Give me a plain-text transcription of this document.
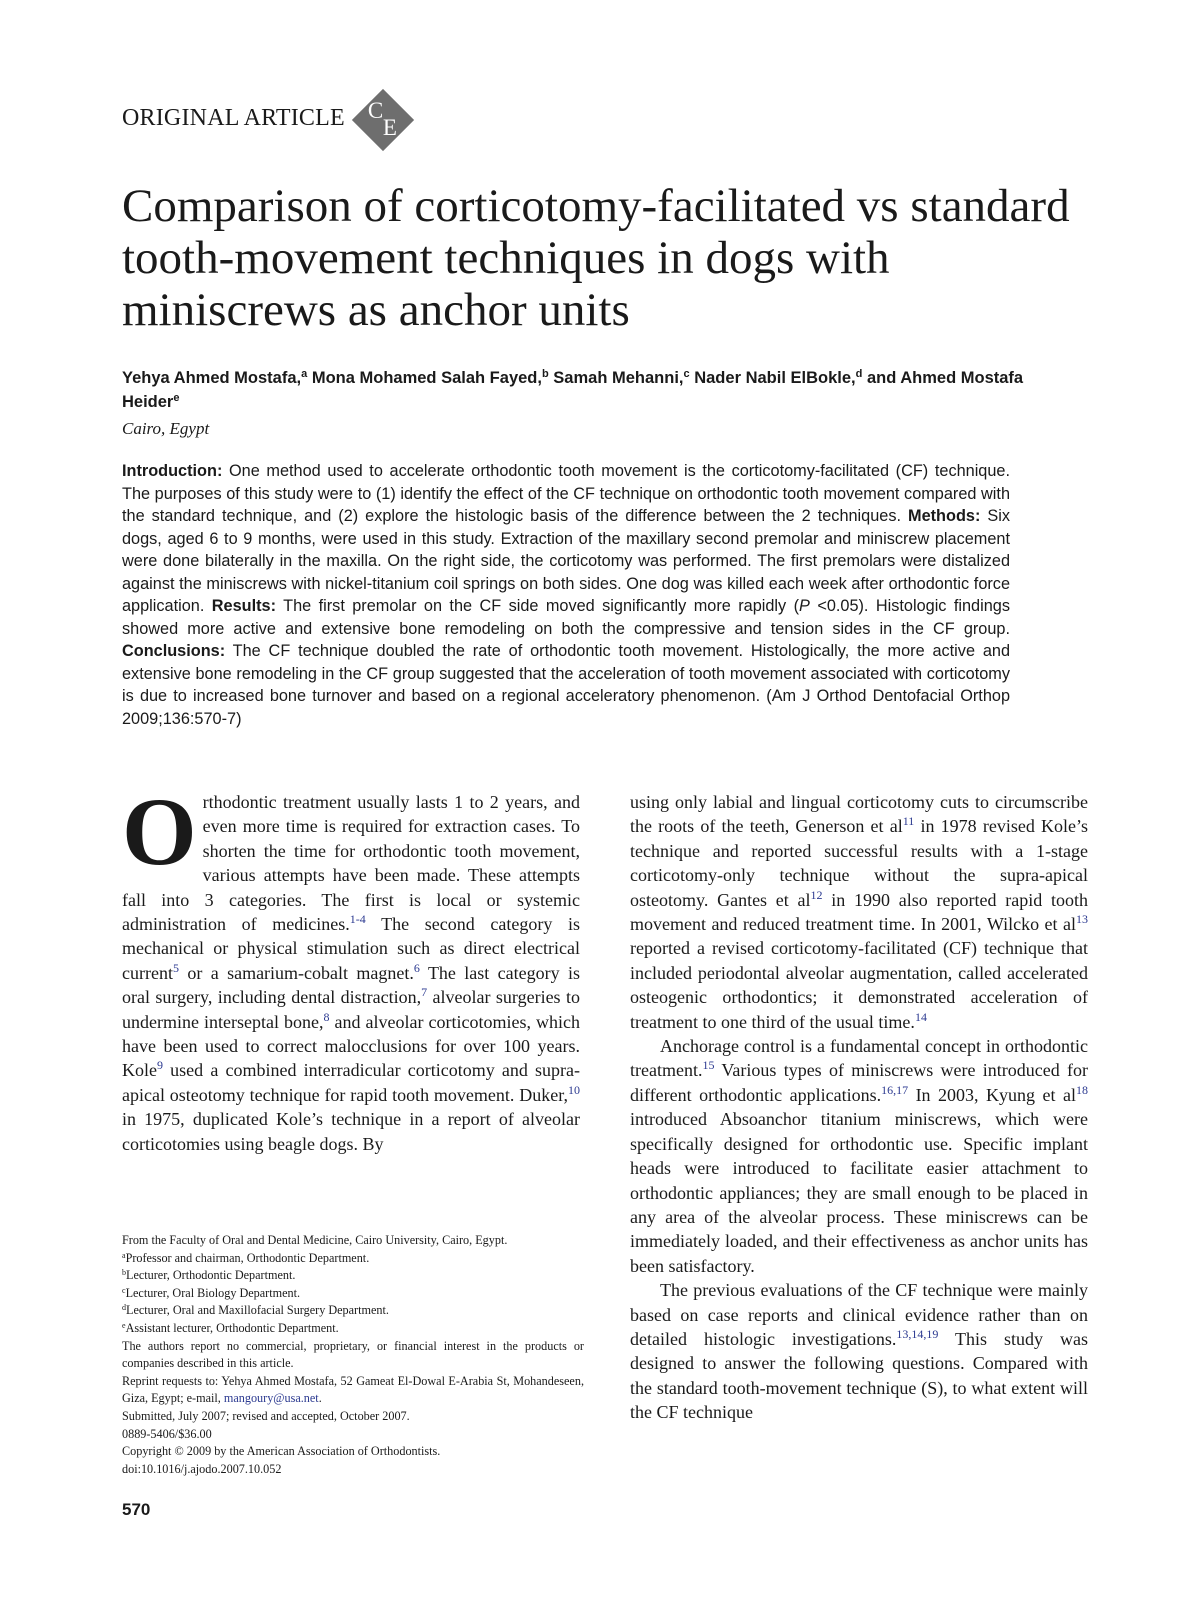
ORIGINAL ARTICLE C
E
Comparison of corticotomy-facilitated vs standard tooth-movement techniques in dogs with miniscrews as anchor units
Yehya Ahmed Mostafa,$^a$ Mona Mohamed Salah Fayed,$^b$ Samah Mehanni,$^c$ Nader Nabil ElBokle,$^d$ and Ahmed Mostafa Heider$^e$
Cairo, Egypt

Introduction: One method used to accelerate orthodontic tooth movement is the corticotomy-facilitated (CF) technique. The purposes of this study were to (1) identify the effect of the CF technique on orthodontic tooth movement compared with the standard technique, and (2) explore the histologic basis of the difference between the 2 techniques. Methods: Six dogs, aged 6 to 9 months, were used in this study. Extraction of the maxillary second premolar and miniscrew placement were done bilaterally in the maxilla. On the right side, the corticotomy was performed. The first premolars were distalized against the miniscrews with nickel-titanium coil springs on both sides. One dog was killed each week after orthodontic force application. Results: The first premolar on the CF side moved significantly more rapidly (P <0.05). Histologic findings showed more active and extensive bone remodeling on both the compressive and tension sides in the CF group. Conclusions: The CF technique doubled the rate of orthodontic tooth movement. Histologically, the more active and extensive bone remodeling in the CF group suggested that the acceleration of tooth movement associated with corticotomy is due to increased bone turnover and based on a regional acceleratory phenomenon. (Am J Orthod Dentofacial Orthop 2009;136:570-7)

Orthodontic treatment usually lasts 1 to 2 years, and even more time is required for extraction cases. To shorten the time for orthodontic tooth movement, various attempts have been made. These attempts fall into 3 categories. The first is local or systemic administration of medicines.$^{1-4}$ The second category is mechanical or physical stimulation such as direct electrical current$^5$ or a samarium-cobalt magnet.$^6$ The last category is oral surgery, including dental distraction,$^7$ alveolar surgeries to undermine interseptal bone,$^8$ and alveolar corticotomies, which have been used to correct malocclusions for over 100 years. Kole$^9$ used a combined interradicular corticotomy and supra-apical osteotomy technique for rapid tooth movement. Duker,$^{10}$ in 1975, duplicated Kole’s technique in a report of alveolar corticotomies using beagle dogs. By

using only labial and lingual corticotomy cuts to circumscribe the roots of the teeth, Generson et $al^{11}$ in 1978 revised Kole’s technique and reported successful results with a 1-stage corticotomy-only technique without the supra-apical osteotomy. Gantes et $al^{12}$ in 1990 also reported rapid tooth movement and reduced treatment time. In 2001, Wilcko et $al^{13}$ reported a revised corticotomy-facilitated (CF) technique that included periodontal alveolar augmentation, called accelerated osteogenic orthodontics; it demonstrated acceleration of treatment to one third of the usual time.$^{14}$

Anchorage control is a fundamental concept in orthodontic treatment.$^{15}$ Various types of miniscrews were introduced for different orthodontic applications.$^{16,17}$ In 2003, Kyung et $al^{18}$ introduced Absoanchor titanium miniscrews, which were specifically designed for orthodontic use. Specific implant heads were introduced to facilitate easier attachment to orthodontic appliances; they are small enough to be placed in any area of the alveolar process. These miniscrews can be immediately loaded, and their effectiveness as anchor units has been satisfactory.

The previous evaluations of the CF technique were mainly based on case reports and clinical evidence rather than on detailed histologic investigations.$^{13,14,19}$ This study was designed to answer the following questions. Compared with the standard tooth-movement technique (S), to what extent will the CF technique

From the Faculty of Oral and Dental Medicine, Cairo University, Cairo, Egypt.
$^a$Professor and chairman, Orthodontic Department.
$^b$Lecturer, Orthodontic Department.
$^c$Lecturer, Oral Biology Department.
$^d$Lecturer, Oral and Maxillofacial Surgery Department.
$^e$Assistant lecturer, Orthodontic Department.
The authors report no commercial, proprietary, or financial interest in the products or companies described in this article.
Reprint requests to: Yehya Ahmed Mostafa, 52 Gameat El-Dowal E-Arabia St, Mohandeseen, Giza, Egypt; e-mail, mangoury@usa.net.
Submitted, July 2007; revised and accepted, October 2007.
0889-5406/$36.00
Copyright © 2009 by the American Association of Orthodontists.
doi:10.1016/j.ajodo.2007.10.052
570
